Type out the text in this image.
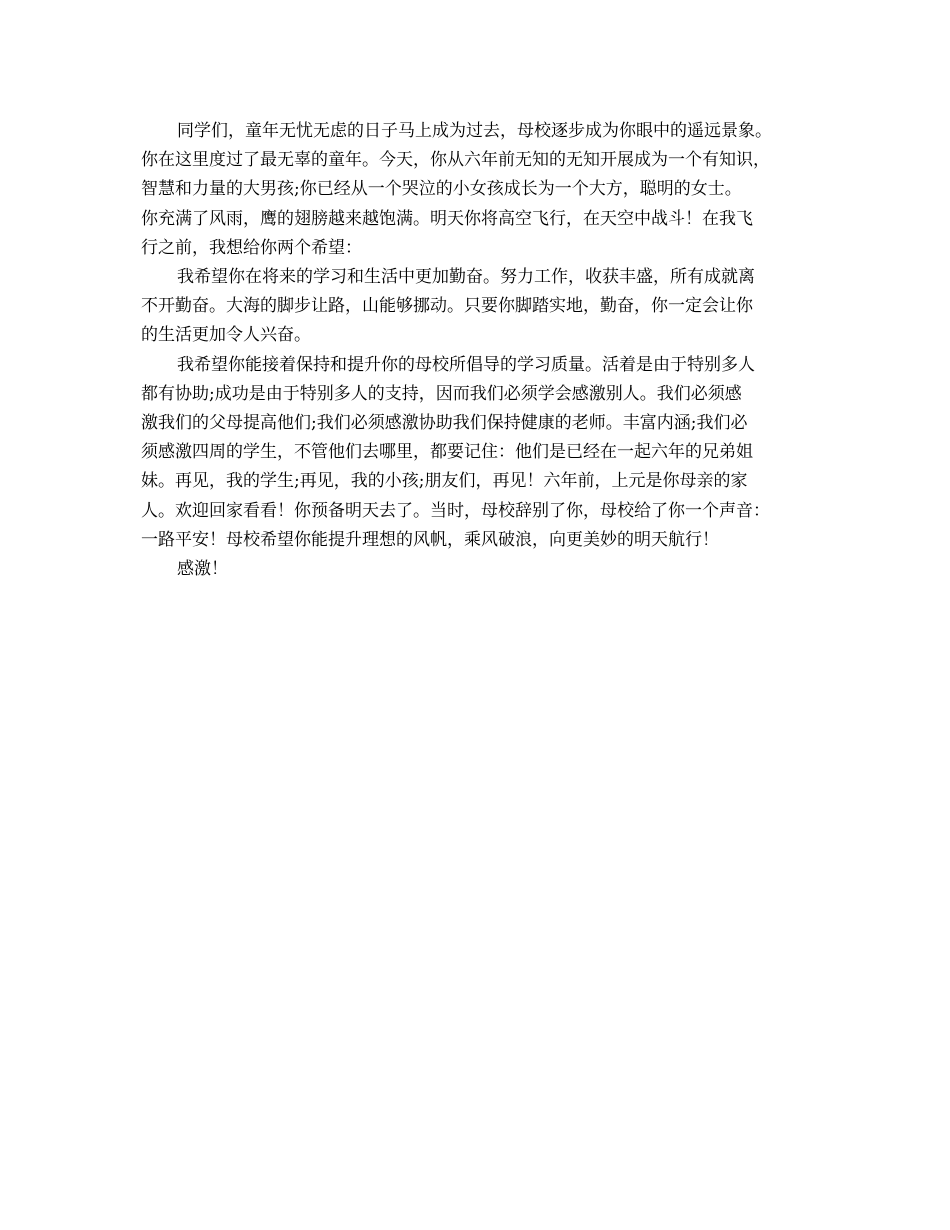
同学们，童年无忧无虑的日子马上成为过去，母校逐步成为你眼中的遥远景象。
你在这里度过了最无辜的童年。今天，你从六年前无知的无知开展成为一个有知识，
智慧和力量的大男孩;你已经从一个哭泣的小女孩成长为一个大方，聪明的女士。
你充满了风雨，鹰的翅膀越来越饱满。明天你将高空飞行，在天空中战斗！在我飞
行之前，我想给你两个希望：

我希望你在将来的学习和生活中更加勤奋。努力工作，收获丰盛，所有成就离
不开勤奋。大海的脚步让路，山能够挪动。只要你脚踏实地，勤奋，你一定会让你
的生活更加令人兴奋。

我希望你能接着保持和提升你的母校所倡导的学习质量。活着是由于特别多人
都有协助;成功是由于特别多人的支持，因而我们必须学会感激别人。我们必须感
激我们的父母提高他们;我们必须感激协助我们保持健康的老师。丰富内涵;我们必
须感激四周的学生，不管他们去哪里，都要记住：他们是已经在一起六年的兄弟姐
妹。再见，我的学生;再见，我的小孩;朋友们，再见！六年前，上元是你母亲的家
人。欢迎回家看看！你预备明天去了。当时，母校辞别了你，母校给了你一个声音：
一路平安！母校希望你能提升理想的风帆，乘风破浪，向更美妙的明天航行！

感激！
